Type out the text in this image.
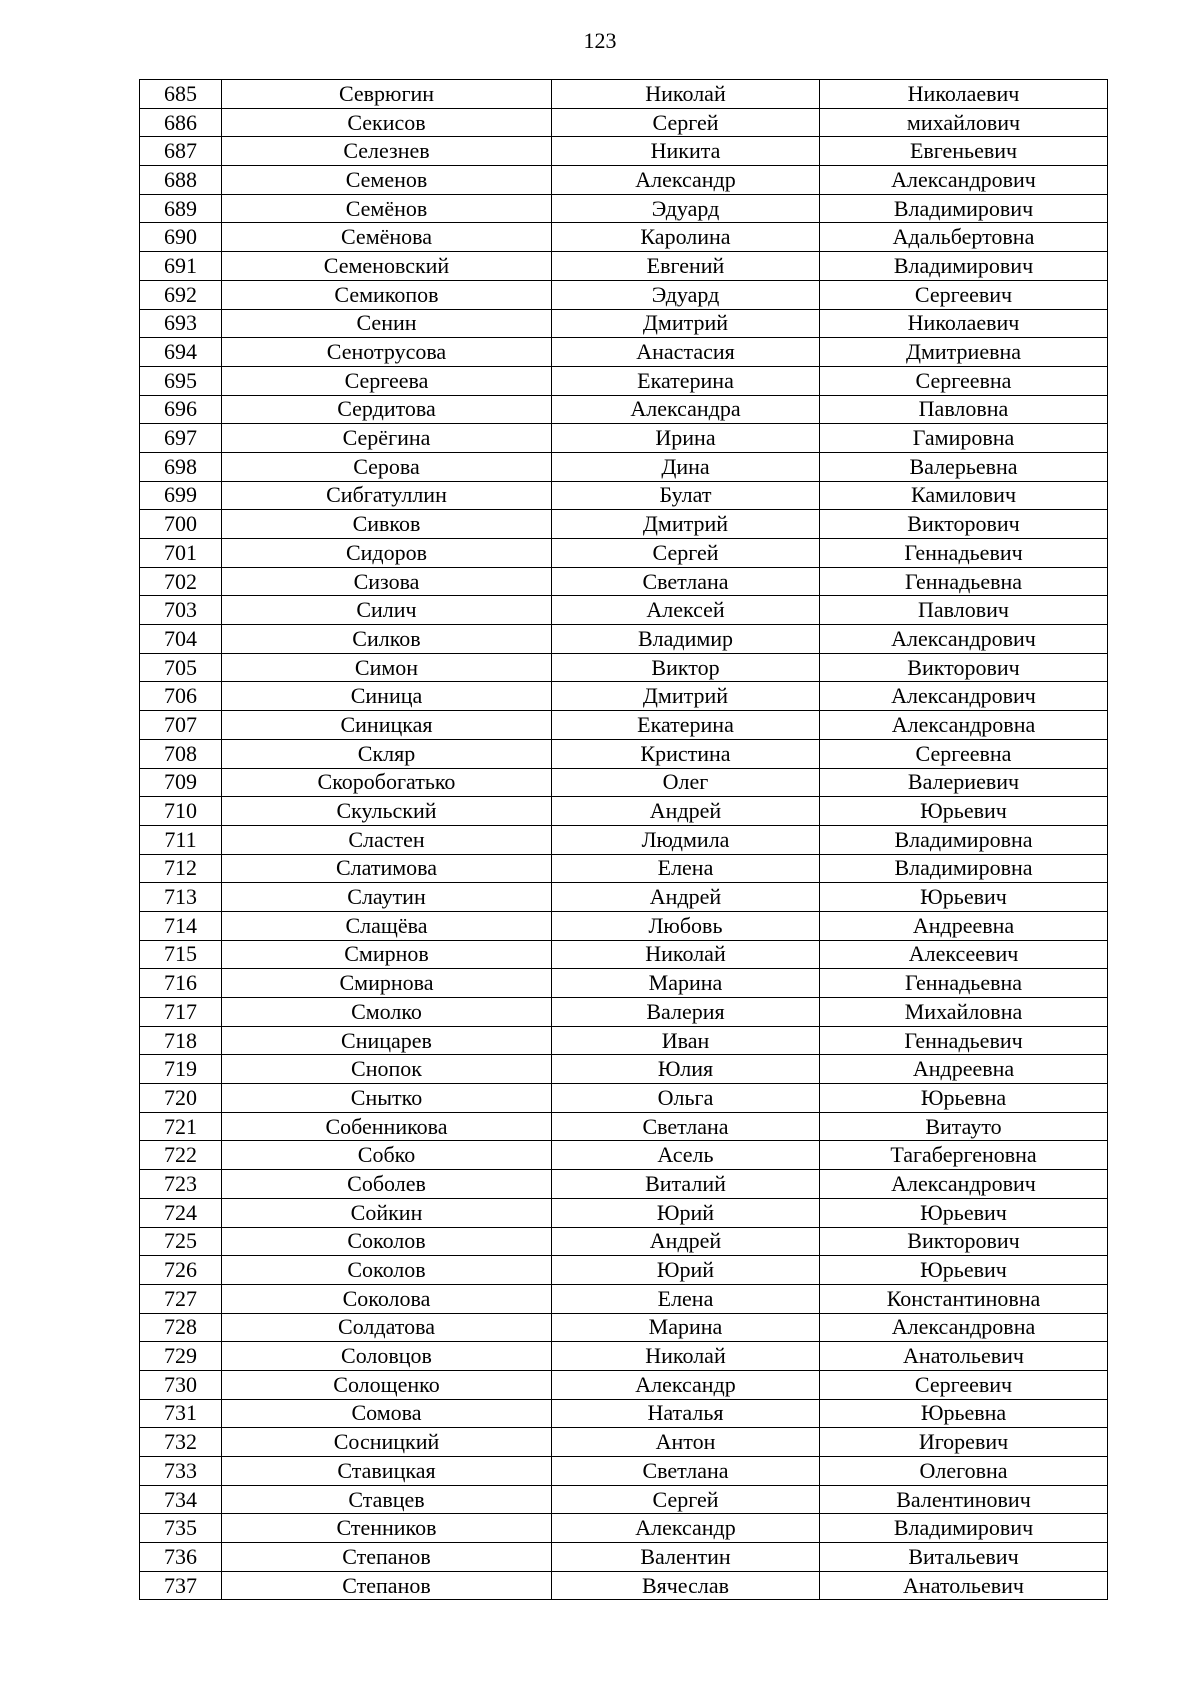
123
685	Севрюгин	Николай	Николаевич
686	Секисов	Сергей	михайлович
687	Селезнев	Никита	Евгеньевич
688	Семенов	Александр	Александрович
689	Семёнов	Эдуард	Владимирович
690	Семёнова	Каролина	Адальбертовна
691	Семеновский	Евгений	Владимирович
692	Семикопов	Эдуард	Сергеевич
693	Сенин	Дмитрий	Николаевич
694	Сенотрусова	Анастасия	Дмитриевна
695	Сергеева	Екатерина	Сергеевна
696	Сердитова	Александра	Павловна
697	Серёгина	Ирина	Гамировна
698	Серова	Дина	Валерьевна
699	Сибгатуллин	Булат	Камилович
700	Сивков	Дмитрий	Викторович
701	Сидоров	Сергей	Геннадьевич
702	Сизова	Светлана	Геннадьевна
703	Силич	Алексей	Павлович
704	Силков	Владимир	Александрович
705	Симон	Виктор	Викторович
706	Синица	Дмитрий	Александрович
707	Синицкая	Екатерина	Александровна
708	Скляр	Кристина	Сергеевна
709	Скоробогатько	Олег	Валериевич
710	Скульский	Андрей	Юрьевич
711	Сластен	Людмила	Владимировна
712	Слатимова	Елена	Владимировна
713	Слаутин	Андрей	Юрьевич
714	Слащёва	Любовь	Андреевна
715	Смирнов	Николай	Алексеевич
716	Смирнова	Марина	Геннадьевна
717	Смолко	Валерия	Михайловна
718	Сницарев	Иван	Геннадьевич
719	Снопок	Юлия	Андреевна
720	Снытко	Ольга	Юрьевна
721	Собенникова	Светлана	Витауто
722	Собко	Асель	Тагабергеновна
723	Соболев	Виталий	Александрович
724	Сойкин	Юрий	Юрьевич
725	Соколов	Андрей	Викторович
726	Соколов	Юрий	Юрьевич
727	Соколова	Елена	Константиновна
728	Солдатова	Марина	Александровна
729	Соловцов	Николай	Анатольевич
730	Солощенко	Александр	Сергеевич
731	Сомова	Наталья	Юрьевна
732	Сосницкий	Антон	Игоревич
733	Ставицкая	Светлана	Олеговна
734	Ставцев	Сергей	Валентинович
735	Стенников	Александр	Владимирович
736	Степанов	Валентин	Витальевич
737	Степанов	Вячеслав	Анатольевич
